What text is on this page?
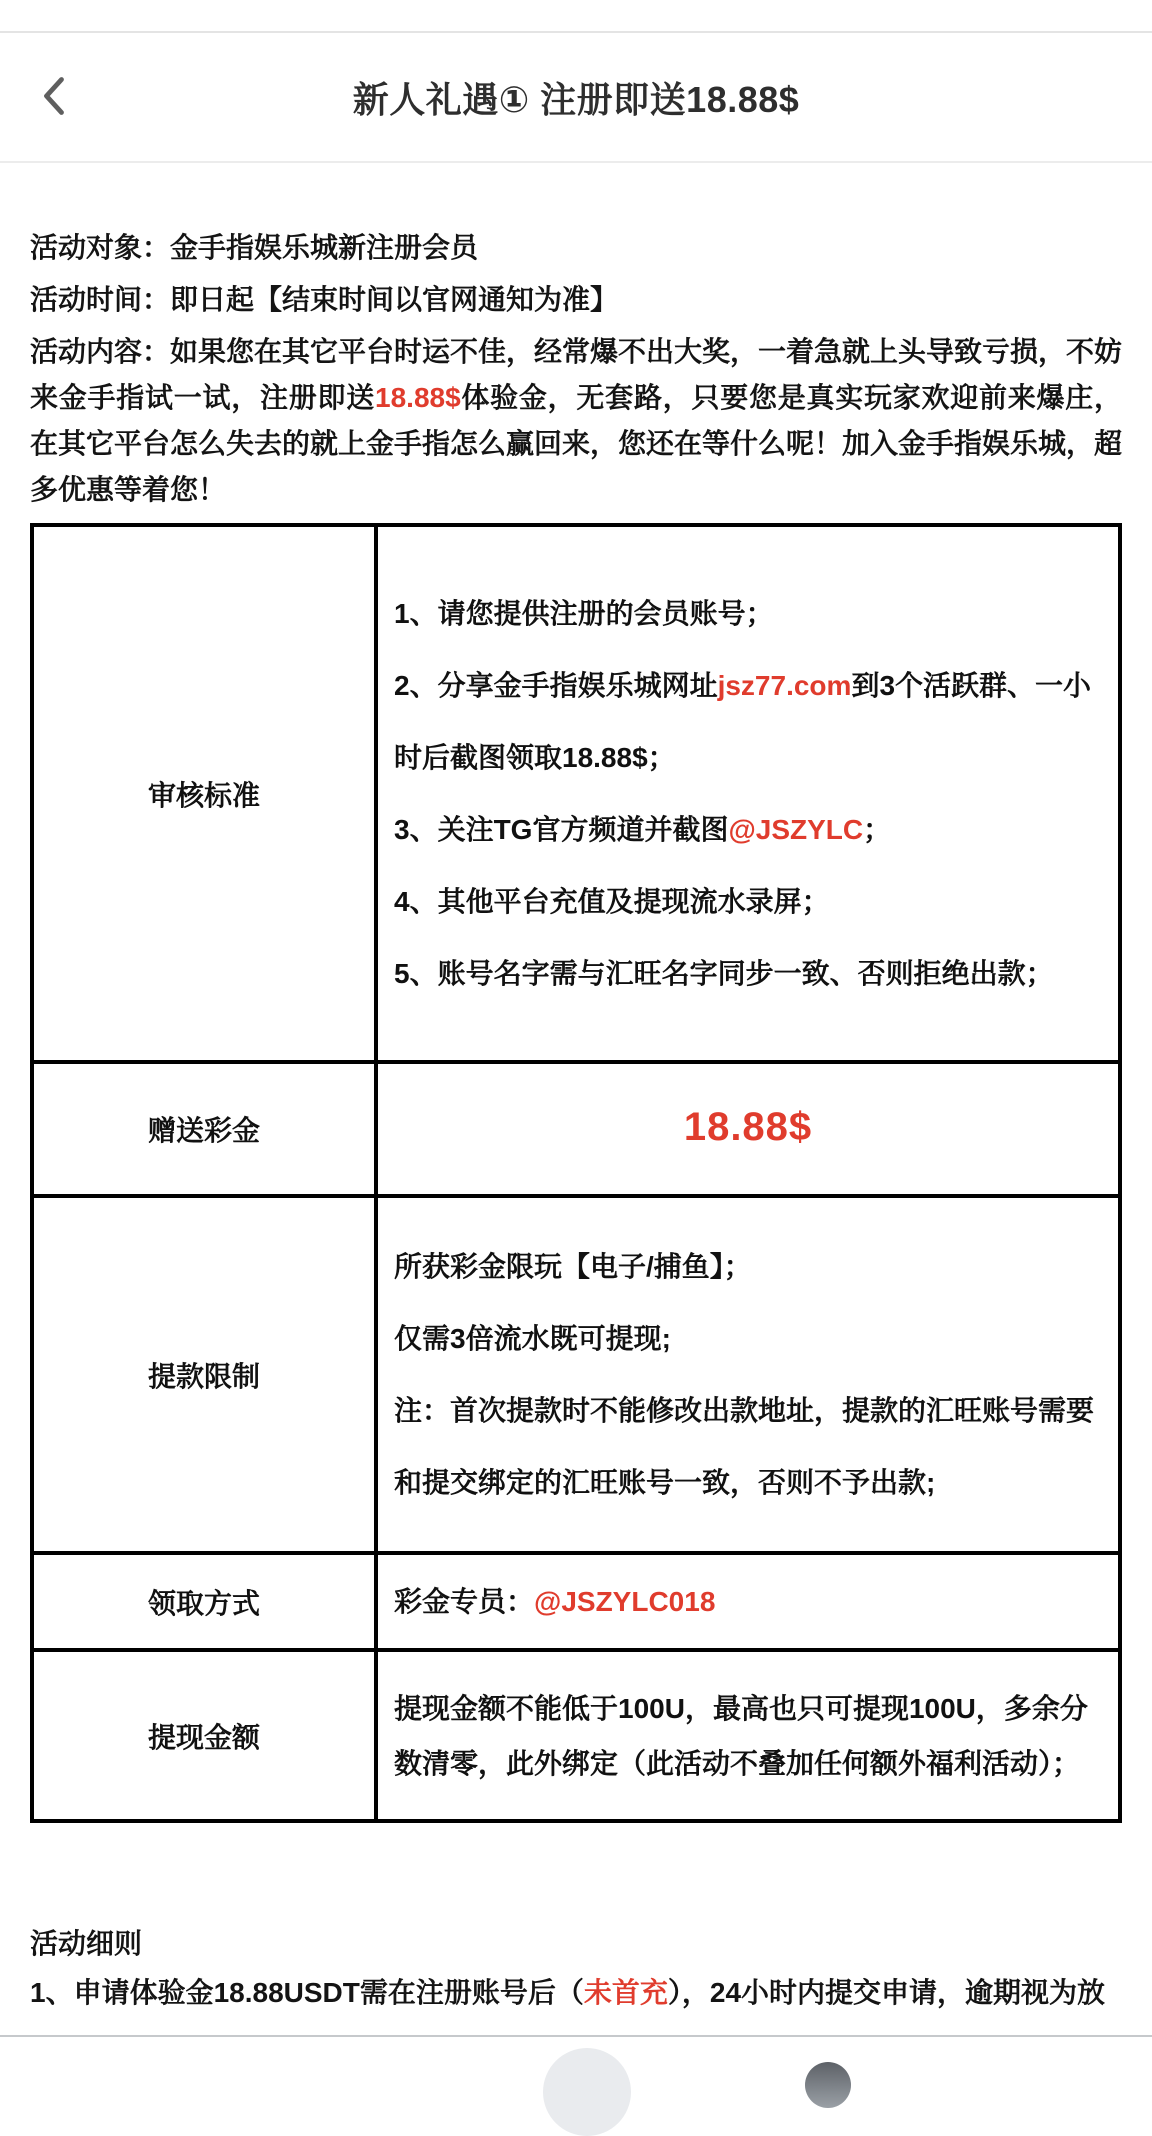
新人礼遇① 注册即送18.88$

活动对象：金手指娱乐城新注册会员

活动时间：即日起【结束时间以官网通知为准】

活动内容：如果您在其它平台时运不佳，经常爆不出大奖，一着急就上头导致亏损，不妨来金手指试一试，注册即送18.88$体验金，无套路，只要您是真实玩家欢迎前来爆庄，在其它平台怎么失去的就上金手指怎么赢回来，您还在等什么呢！加入金手指娱乐城，超多优惠等着您！

审核标准	1、请您提供注册的会员账号；
2、分享金手指娱乐城网址jsz77.com到3个活跃群、一小时后截图领取18.88$；
3、关注TG官方频道并截图@JSZYLC；
4、其他平台充值及提现流水录屏；
5、账号名字需与汇旺名字同步一致、否则拒绝出款；

赠送彩金	18.88$
提款限制	所获彩金限玩【电子/捕鱼】；
仅需3倍流水既可提现;
注：首次提款时不能修改出款地址，提款的汇旺账号需要和提交绑定的汇旺账号一致，否则不予出款;

领取方式	彩金专员：@JSZYLC018
提现金额	提现金额不能低于100U，最高也只可提现100U，多余分数清零，此外绑定（此活动不叠加任何额外福利活动）；

活动细则

1、申请体验金18.88USDT需在注册账号后（未首充），24小时内提交申请，逾期视为放
